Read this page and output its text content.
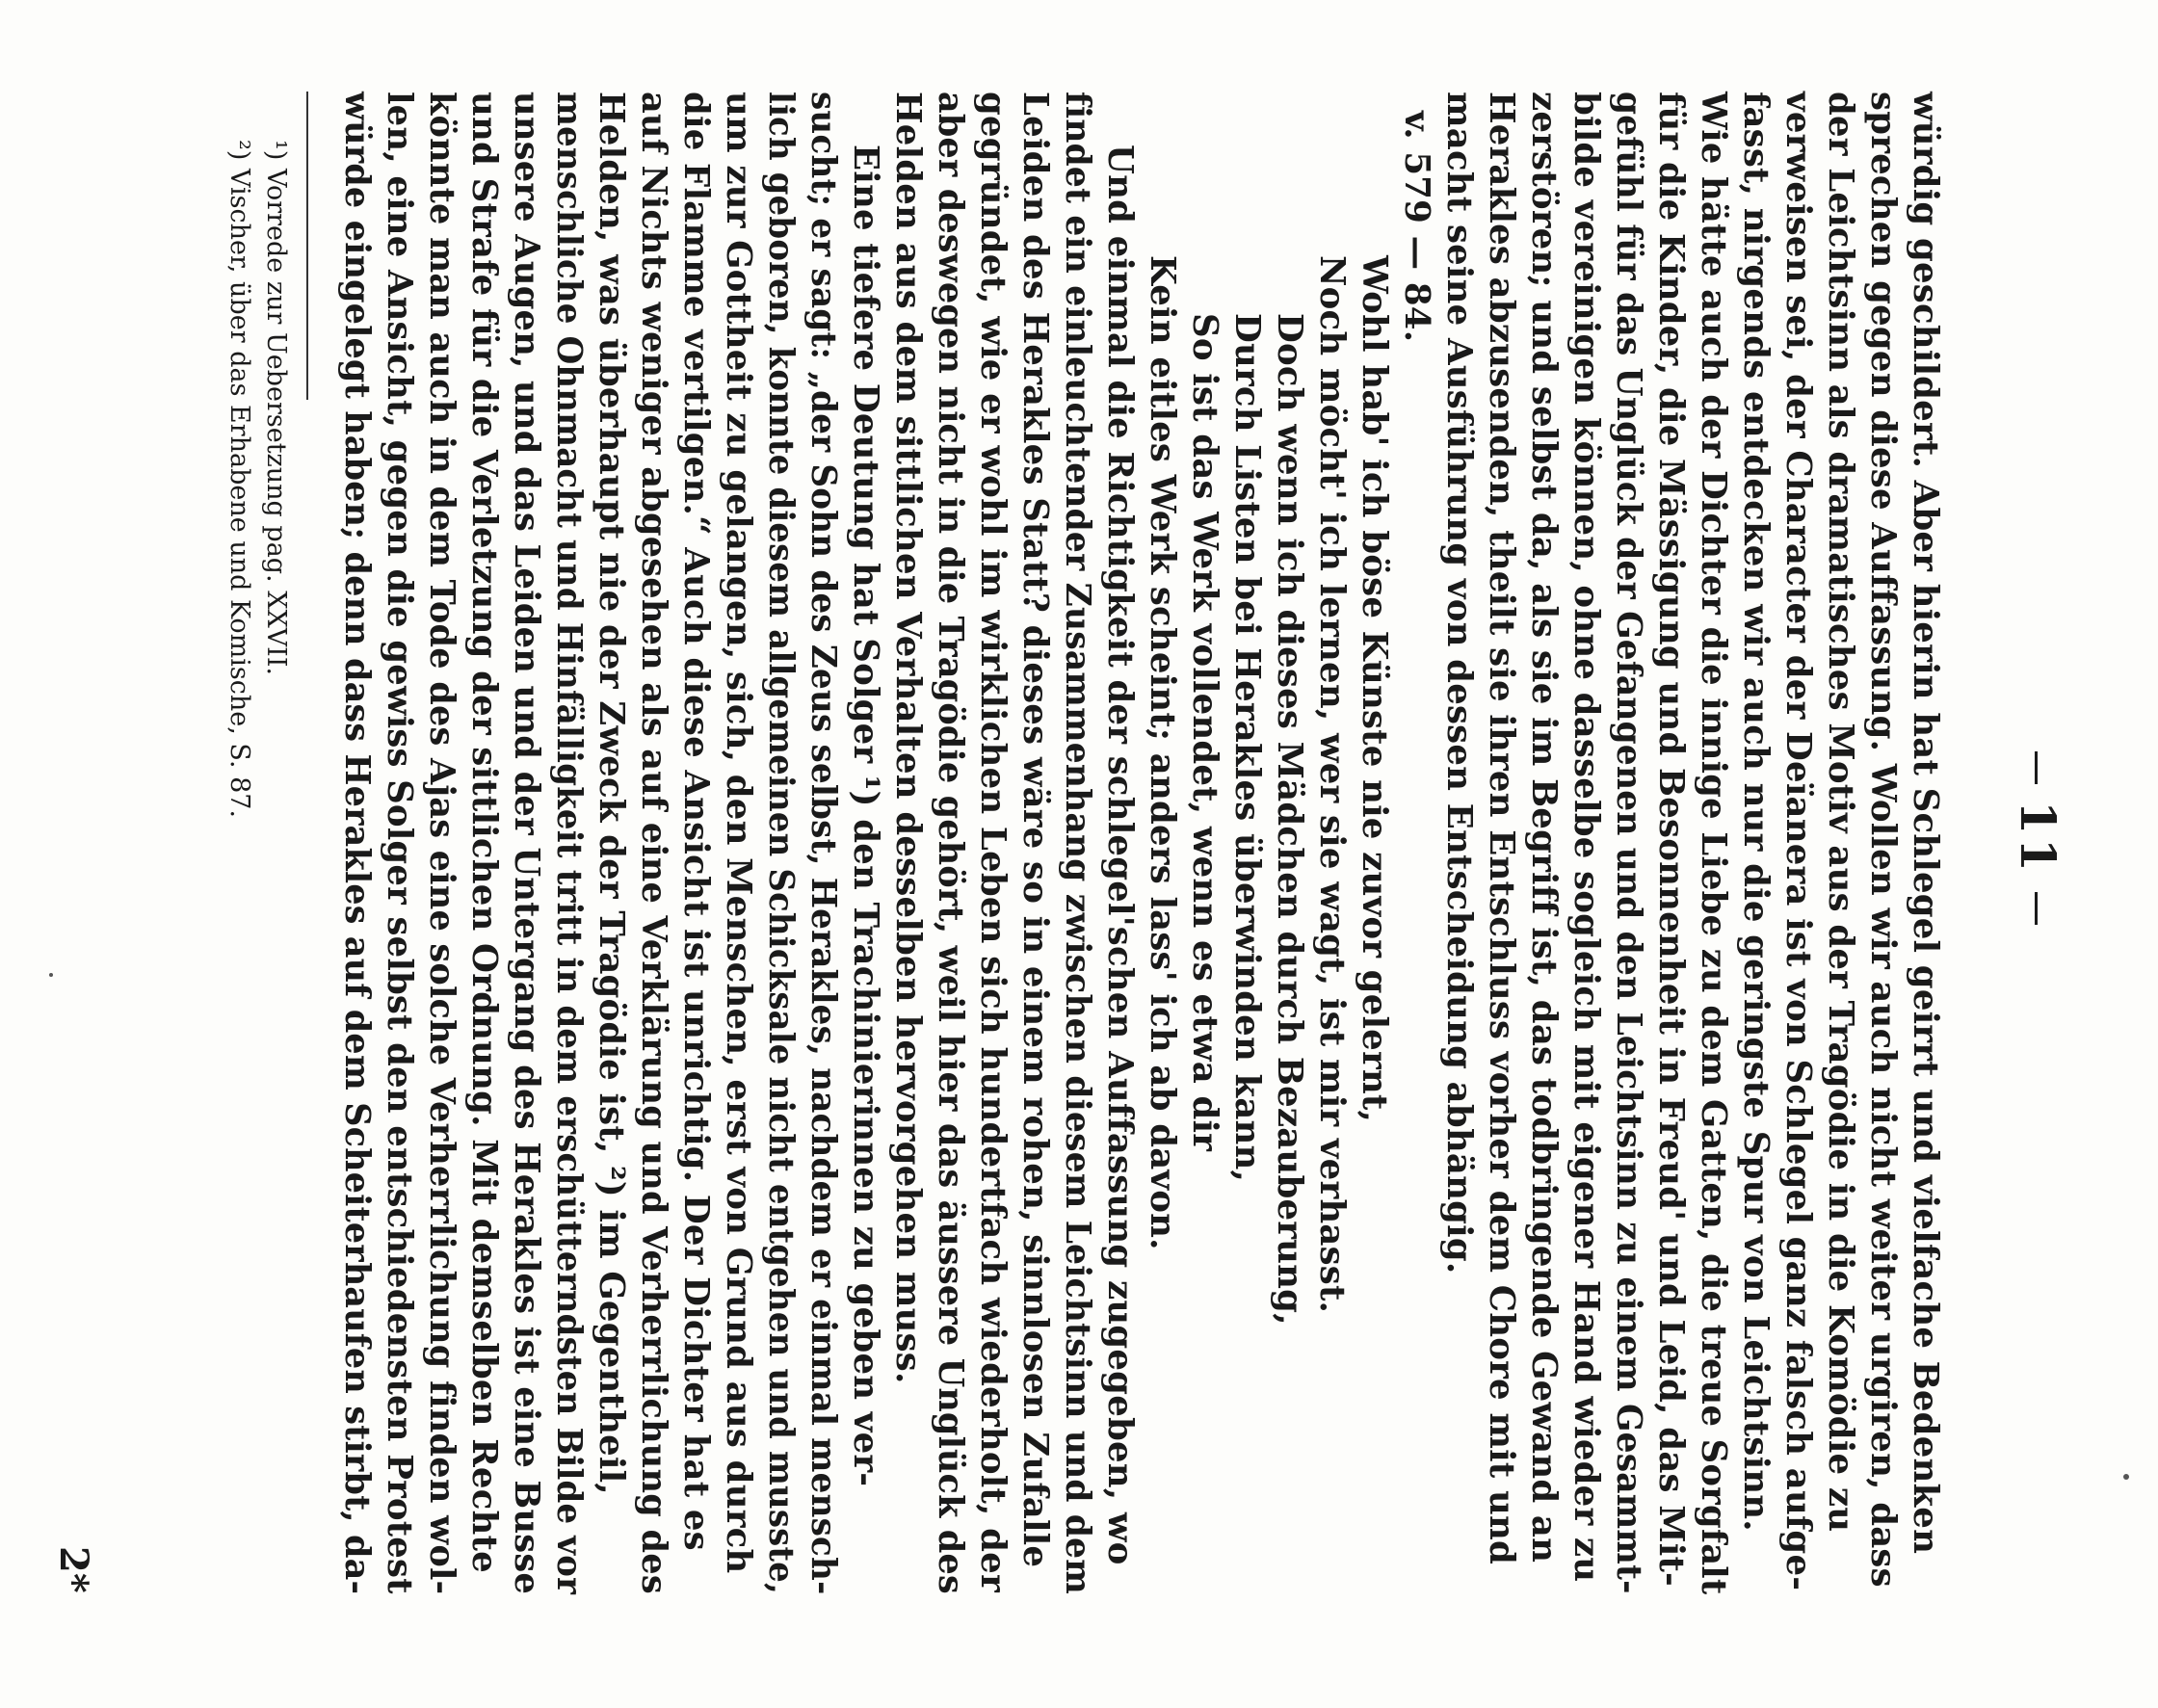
11
würdig geschildert. Aber hierin hat Schlegel geirrt und vielfache Bedenken
sprechen gegen diese Auffassung. Wollen wir auch nicht weiter urgiren, dass
der Leichtsinn als dramatisches Motiv aus der Tragödie in die Komödie zu
verweisen sei, der Character der Deïanera ist von Schlegel ganz falsch aufge-
fasst, nirgends entdecken wir auch nur die geringste Spur von Leichtsinn.
Wie hätte auch der Dichter die innige Liebe zu dem Gatten, die treue Sorgfalt
für die Kinder, die Mässigung und Besonnenheit in Freud' und Leid, das Mit-
gefühl für das Unglück der Gefangenen und den Leichtsinn zu einem Gesammt-
bilde vereinigen können, ohne dasselbe sogleich mit eigener Hand wieder zu
zerstören; und selbst da, als sie im Begriff ist, das todbringende Gewand an
Herakles abzusenden, theilt sie ihren Entschluss vorher dem Chore mit und
macht seine Ausführung von dessen Entscheidung abhängig.
v. 579 — 84.
Wohl hab' ich böse Künste nie zuvor gelernt,
Noch möcht' ich lernen, wer sie wagt, ist mir verhasst.
Doch wenn ich dieses Mädchen durch Bezauberung,
Durch Listen bei Herakles überwinden kann,
So ist das Werk vollendet, wenn es etwa dir
Kein eitles Werk scheint; anders lass' ich ab davon.
Und einmal die Richtigkeit der schlegel'schen Auffassung zugegeben, wo
findet ein einleuchtender Zusammenhang zwischen diesem Leichtsinn und dem
Leiden des Herakles Statt? dieses wäre so in einem rohen, sinnlosen Zufalle
gegründet, wie er wohl im wirklichen Leben sich hundertfach wiederholt, der
aber deswegen nicht in die Tragödie gehört, weil hier das äussere Unglück des
Helden aus dem sittlichen Verhalten desselben hervorgehen muss.
Eine tiefere Deutung hat Solger ¹) den Trachinierinnen zu geben ver-
sucht; er sagt: „der Sohn des Zeus selbst, Herakles, nachdem er einmal mensch-
lich geboren, konnte diesem allgemeinen Schicksale nicht entgehen und musste,
um zur Gottheit zu gelangen, sich, den Menschen, erst von Grund aus durch
die Flamme vertilgen.“ Auch diese Ansicht ist unrichtig. Der Dichter hat es
auf Nichts weniger abgesehen als auf eine Verklärung und Verherrlichung des
Helden, was überhaupt nie der Zweck der Tragödie ist, ²) im Gegentheil,
menschliche Ohnmacht und Hinfälligkeit tritt in dem erschütterndsten Bilde vor
unsere Augen, und das Leiden und der Untergang des Herakles ist eine Busse
und Strafe für die Verletzung der sittlichen Ordnung. Mit demselben Rechte
könnte man auch in dem Tode des Ajas eine solche Verherrlichung finden wol-
len, eine Ansicht, gegen die gewiss Solger selbst den entschiedensten Protest
würde eingelegt haben; denn dass Herakles auf dem Scheiterhaufen stirbt, da-
¹) Vorrede zur Uebersetzung pag. XXVII.
²) Vischer, über das Erhabene und Komische, S. 87.
2*
